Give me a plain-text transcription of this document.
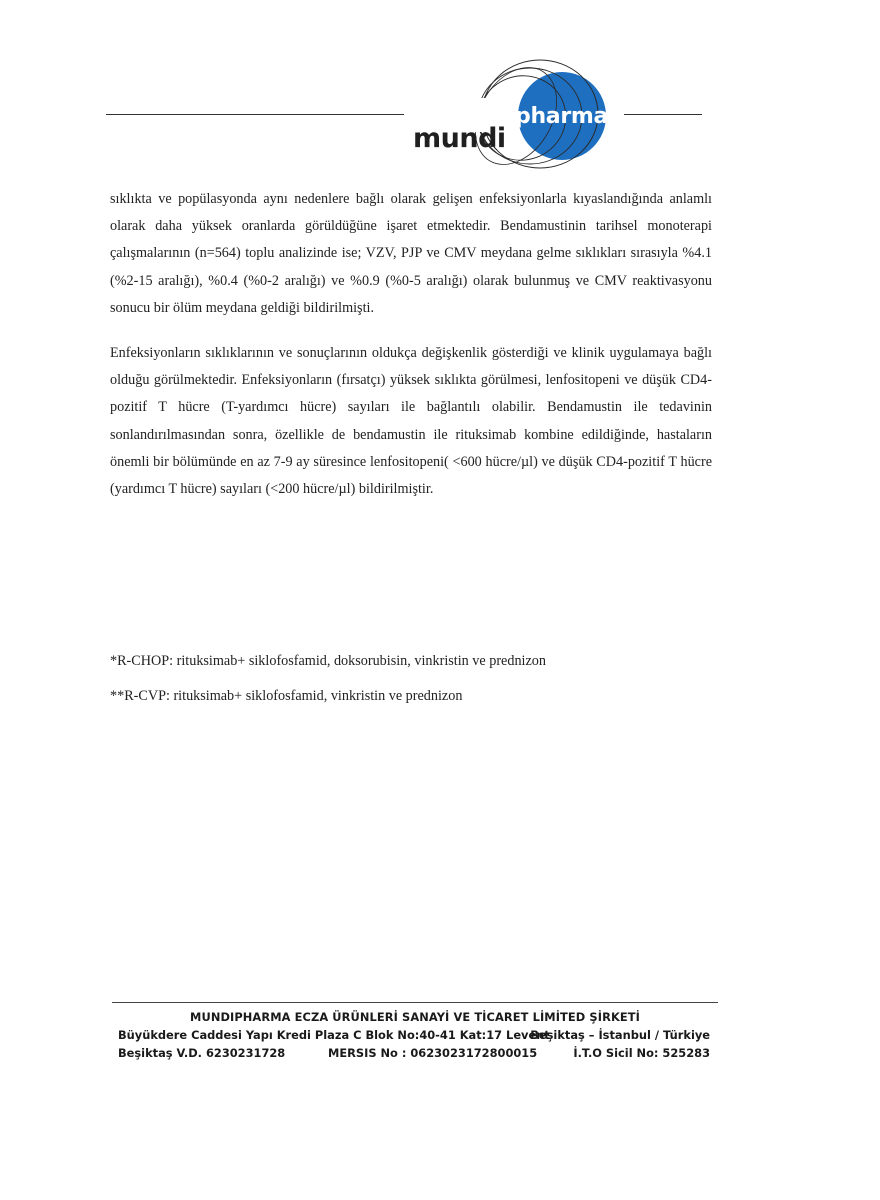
mundi
pharma

sıklıkta ve popülasyonda aynı nedenlere bağlı olarak gelişen enfeksiyonlarla kıyaslandığında anlamlı olarak daha yüksek oranlarda görüldüğüne işaret etmektedir. Bendamustinin tarihsel monoterapi çalışmalarının (n=564) toplu analizinde ise; VZV, PJP ve CMV meydana gelme sıklıkları sırasıyla %4.1 (%2-15 aralığı), %0.4 (%0-2 aralığı) ve %0.9 (%0-5 aralığı) olarak bulunmuş ve CMV reaktivasyonu sonucu bir ölüm meydana geldiği bildirilmişti.

Enfeksiyonların sıklıklarının ve sonuçlarının oldukça değişkenlik gösterdiği ve klinik uygulamaya bağlı olduğu görülmektedir. Enfeksiyonların (fırsatçı) yüksek sıklıkta görülmesi, lenfositopeni ve düşük CD4-pozitif T hücre (T-yardımcı hücre) sayıları ile bağlantılı olabilir. Bendamustin ile tedavinin sonlandırılmasından sonra, özellikle de bendamustin ile rituksimab kombine edildiğinde, hastaların önemli bir bölümünde en az 7-9 ay süresince lenfositopeni( <600 hücre/µl) ve düşük CD4-pozitif T hücre (yardımcı T hücre) sayıları (<200 hücre/µl) bildirilmiştir.

*R-CHOP: rituksimab+ siklofosfamid, doksorubisin, vinkristin ve prednizon

**R-CVP: rituksimab+ siklofosfamid, vinkristin ve prednizon

MUNDIPHARMA ECZA ÜRÜNLERİ SANAYİ VE TİCARET LİMİTED ŞİRKETİ
Büyükdere Caddesi Yapı Kredi Plaza C Blok No:40-41 Kat:17 Levent
Beşiktaş – İstanbul / Türkiye
Beşiktaş V.D. 6230231728	MERSIS No : 0623023172800015	İ.T.O Sicil No: 525283
